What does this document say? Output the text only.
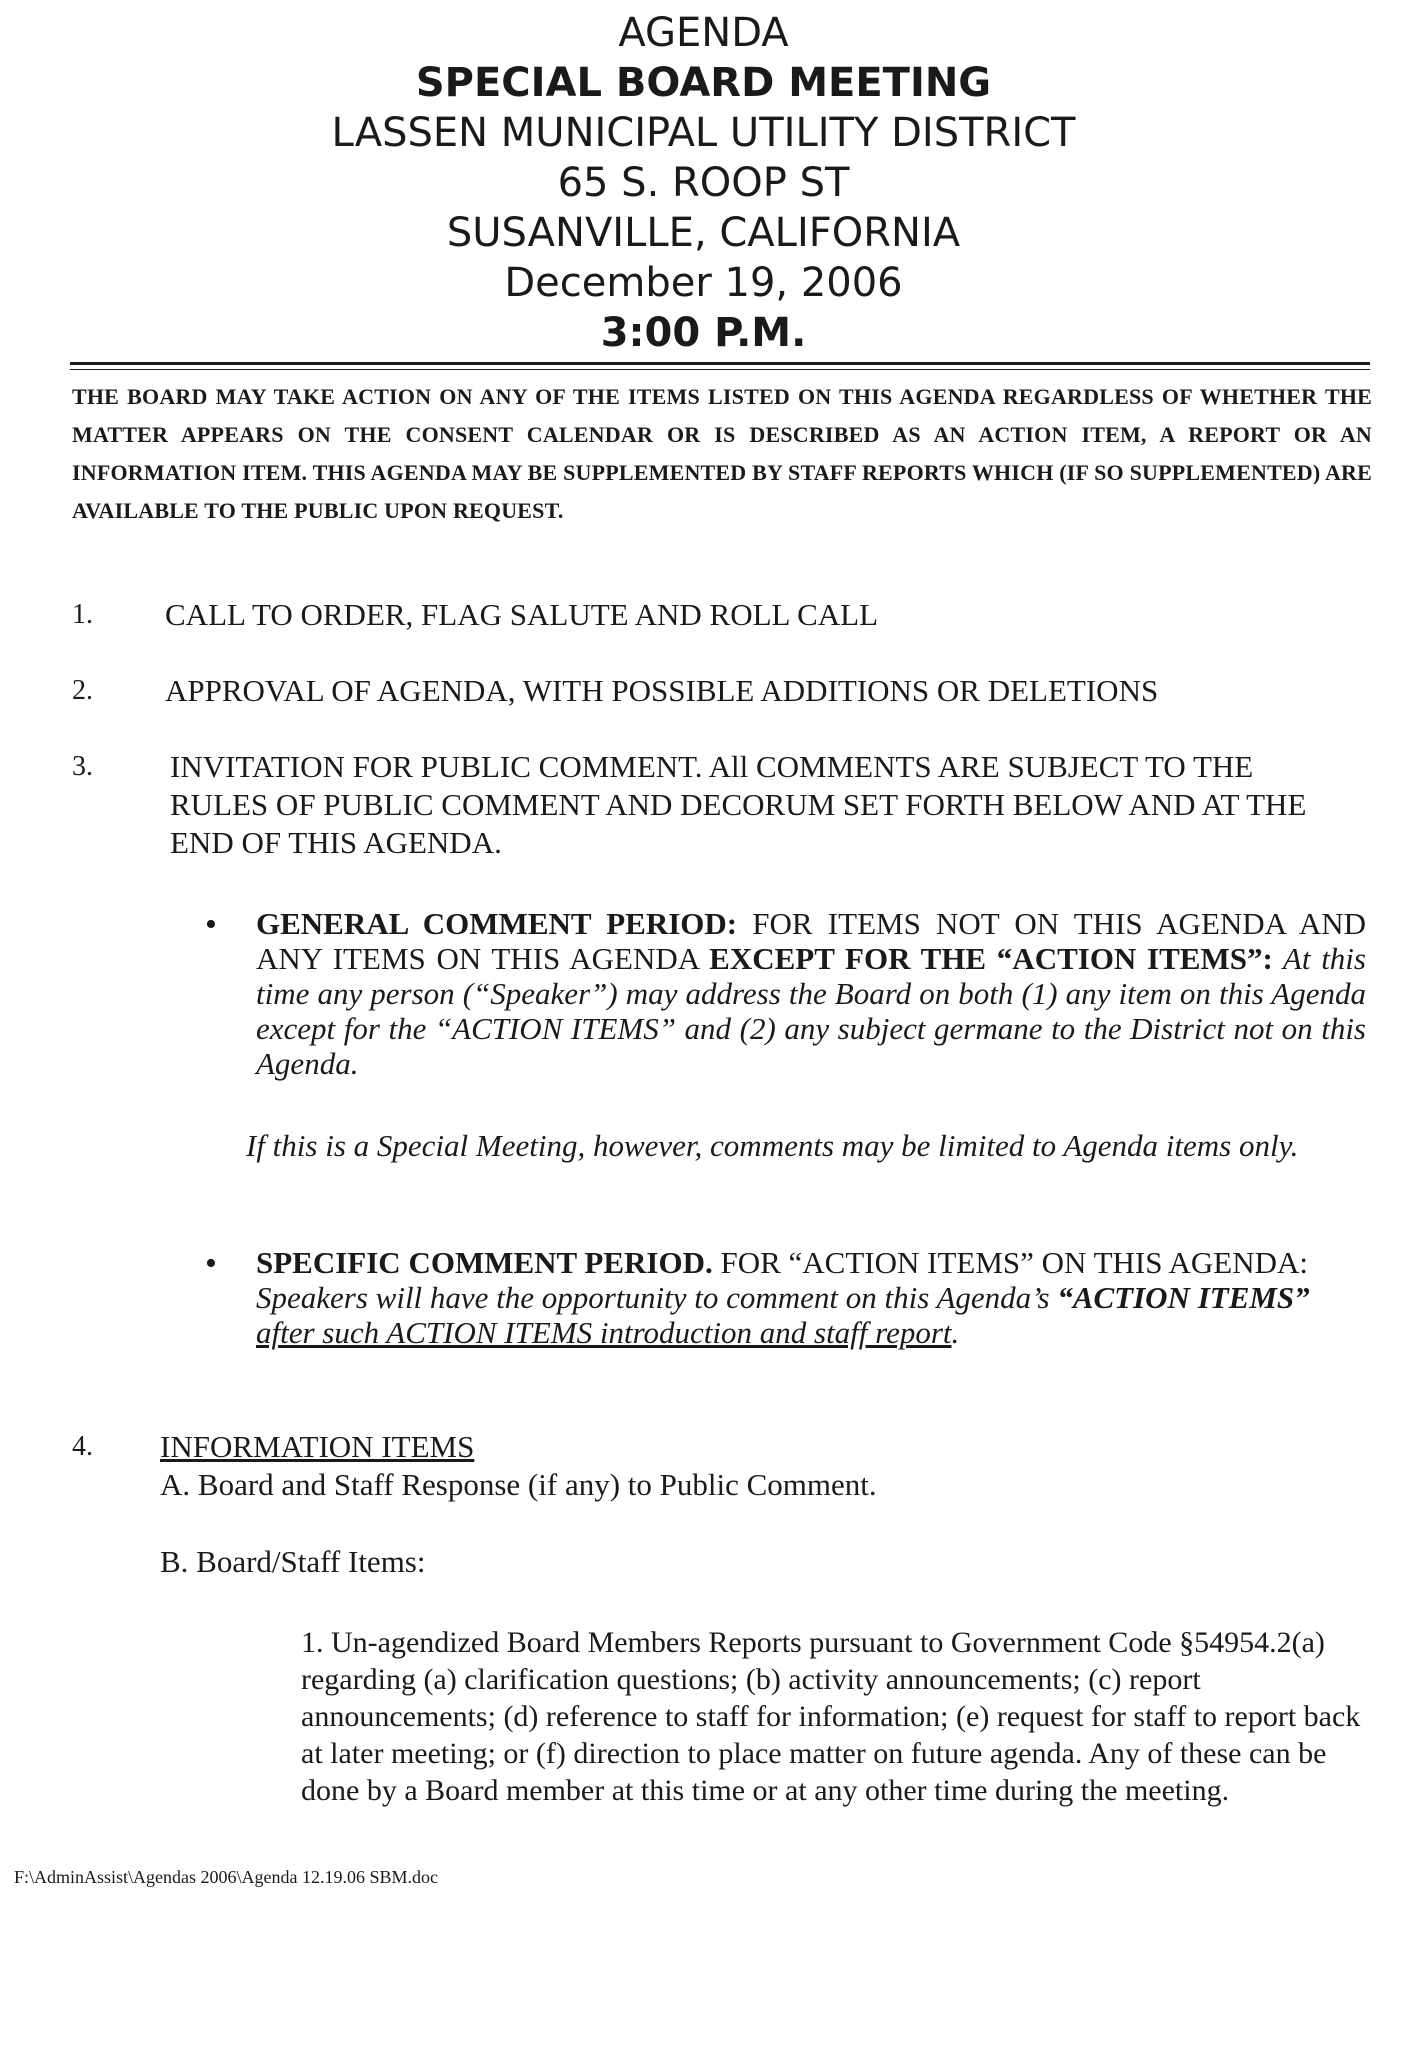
AGENDA
SPECIAL BOARD MEETING
LASSEN MUNICIPAL UTILITY DISTRICT
65 S. ROOP ST
SUSANVILLE, CALIFORNIA
December 19, 2006
3:00 P.M.
THE BOARD MAY TAKE ACTION ON ANY OF THE ITEMS LISTED ON THIS AGENDA REGARDLESS OF WHETHER THE MATTER APPEARS ON THE CONSENT CALENDAR OR IS DESCRIBED AS AN ACTION ITEM, A REPORT OR AN INFORMATION ITEM. THIS AGENDA MAY BE SUPPLEMENTED BY STAFF REPORTS WHICH (IF SO SUPPLEMENTED) ARE AVAILABLE TO THE PUBLIC UPON REQUEST.
1. CALL TO ORDER, FLAG SALUTE AND ROLL CALL
2. APPROVAL OF AGENDA, WITH POSSIBLE ADDITIONS OR DELETIONS
3. INVITATION FOR PUBLIC COMMENT. All COMMENTS ARE SUBJECT TO THE RULES OF PUBLIC COMMENT AND DECORUM SET FORTH BELOW AND AT THE END OF THIS AGENDA.
• GENERAL COMMENT PERIOD: FOR ITEMS NOT ON THIS AGENDA AND ANY ITEMS ON THIS AGENDA EXCEPT FOR THE “ACTION ITEMS”: At this time any person (“Speaker”) may address the Board on both (1) any item on this Agenda except for the “ACTION ITEMS” and (2) any subject germane to the District not on this Agenda.
If this is a Special Meeting, however, comments may be limited to Agenda items only.
• SPECIFIC COMMENT PERIOD. FOR “ACTION ITEMS” ON THIS AGENDA: Speakers will have the opportunity to comment on this Agenda’s “ACTION ITEMS” after such ACTION ITEMS introduction and staff report.
4. INFORMATION ITEMS
A. Board and Staff Response (if any) to Public Comment.
B. Board/Staff Items:
1. Un-agendized Board Members Reports pursuant to Government Code §54954.2(a) regarding (a) clarification questions; (b) activity announcements; (c) report announcements; (d) reference to staff for information; (e) request for staff to report back at later meeting; or (f) direction to place matter on future agenda. Any of these can be done by a Board member at this time or at any other time during the meeting.
F:\AdminAssist\Agendas 2006\Agenda 12.19.06 SBM.doc
